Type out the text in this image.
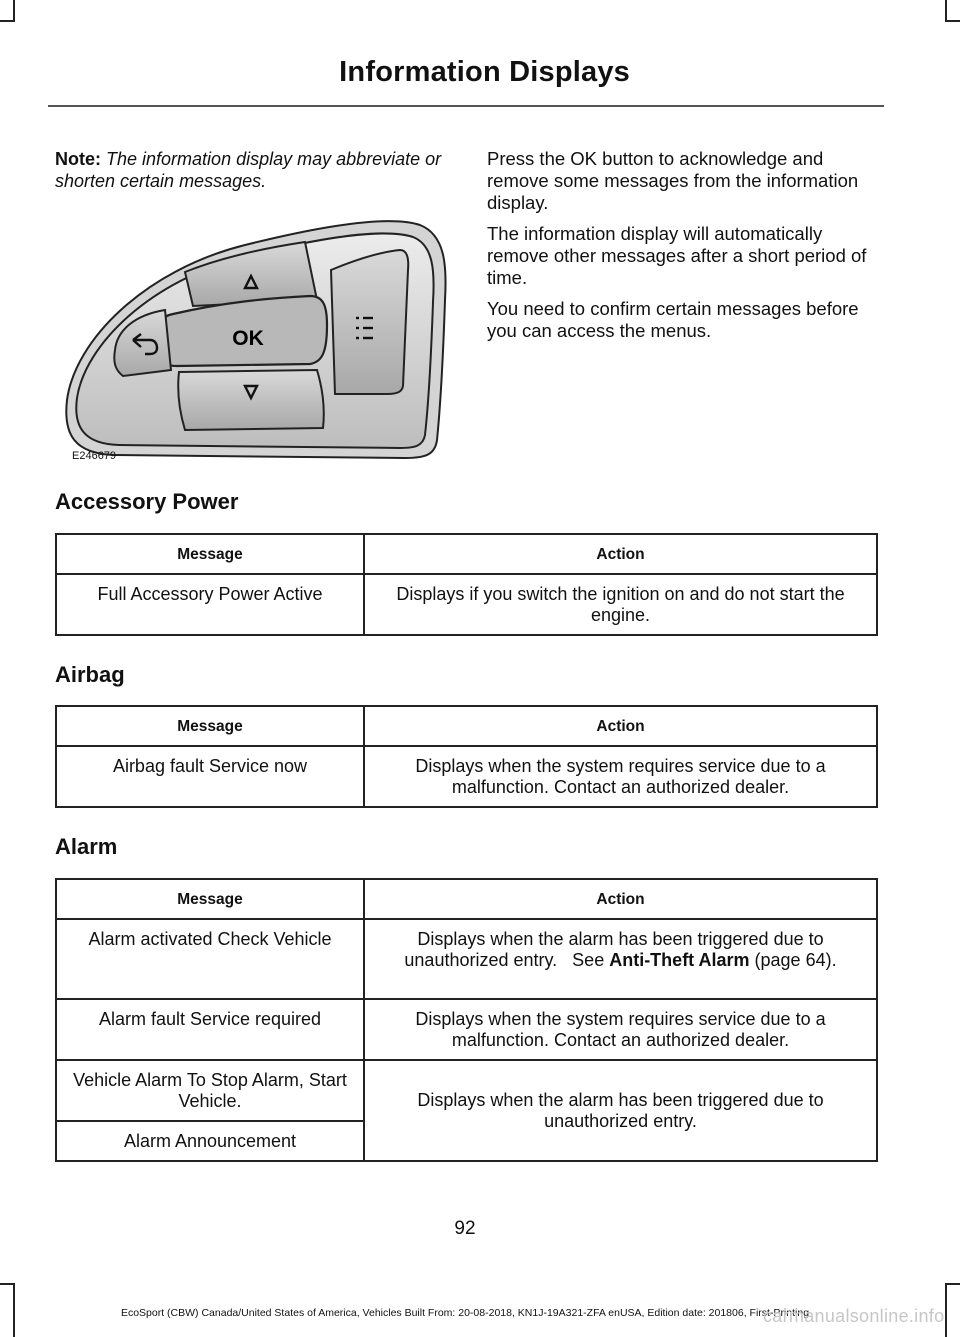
Information Displays
Note: The information display may abbreviate or shorten certain messages.

Press the OK button to acknowledge and remove some messages from the information display.

The information display will automatically remove other messages after a short period of time.

You need to confirm certain messages before you can access the menus.

OK
E246679
Accessory Power
Message	Action
Full Accessory Power Active	Displays if you switch the ignition on and do not start the engine.
Airbag
Message	Action
Airbag fault Service now	Displays when the system requires service due to a malfunction. Contact an authorized dealer.
Alarm
Message	Action
Alarm activated Check Vehicle	Displays when the alarm has been triggered due to unauthorized entry.   See Anti-Theft Alarm (page 64).
Alarm fault Service required	Displays when the system requires service due to a malfunction. Contact an authorized dealer.
Vehicle Alarm To Stop Alarm, Start Vehicle.	Displays when the alarm has been triggered due to unauthorized entry.
Alarm Announcement	
92
EcoSport (CBW) Canada/United States of America, Vehicles Built From: 20-08-2018, KN1J-19A321-ZFA enUSA, Edition date: 201806, First-Printing
carmanualsonline.info
